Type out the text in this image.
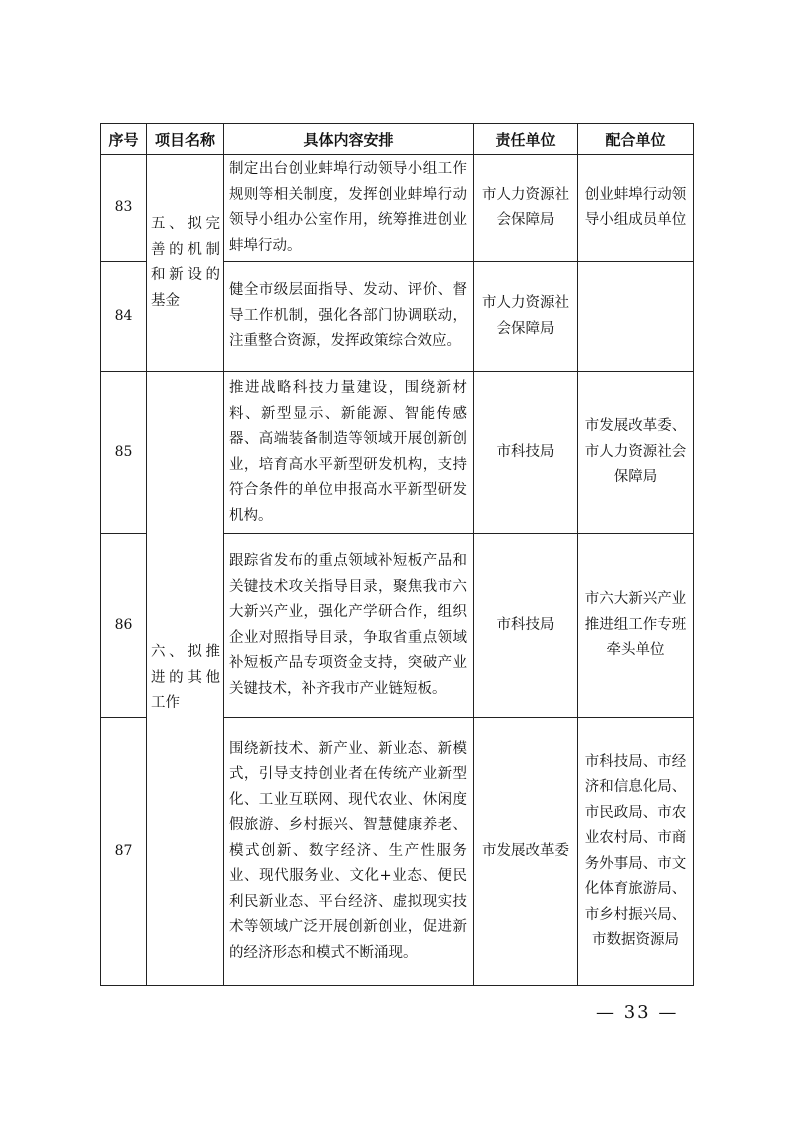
序号	项目名称	具体内容安排	责任单位	配合单位
83	五、拟完善的机制和新设的基金	制定出台创业蚌埠行动领导小组工作规则等相关制度，发挥创业蚌埠行动领导小组办公室作用，统筹推进创业蚌埠行动。	市人力资源社会保障局	创业蚌埠行动领导小组成员单位
84		健全市级层面指导、发动、评价、督导工作机制，强化各部门协调联动，注重整合资源，发挥政策综合效应。	市人力资源社会保障局	
85	六、拟推进的其他工作	推进战略科技力量建设，围绕新材料、新型显示、新能源、智能传感器、高端装备制造等领域开展创新创业，培育高水平新型研发机构，支持符合条件的单位申报高水平新型研发机构。	市科技局	市发展改革委、市人力资源社会保障局
86		跟踪省发布的重点领域补短板产品和关键技术攻关指导目录，聚焦我市六大新兴产业，强化产学研合作，组织企业对照指导目录，争取省重点领域补短板产品专项资金支持，突破产业关键技术，补齐我市产业链短板。	市科技局	市六大新兴产业推进组工作专班牵头单位
87		围绕新技术、新产业、新业态、新模式，引导支持创业者在传统产业新型化、工业互联网、现代农业、休闲度假旅游、乡村振兴、智慧健康养老、模式创新、数字经济、生产性服务业、现代服务业、文化+业态、便民利民新业态、平台经济、虚拟现实技术等领域广泛开展创新创业，促进新的经济形态和模式不断涌现。	市发展改革委	市科技局、市经济和信息化局、市民政局、市农业农村局、市商务外事局、市文化体育旅游局、市乡村振兴局、市数据资源局
— 33 —
